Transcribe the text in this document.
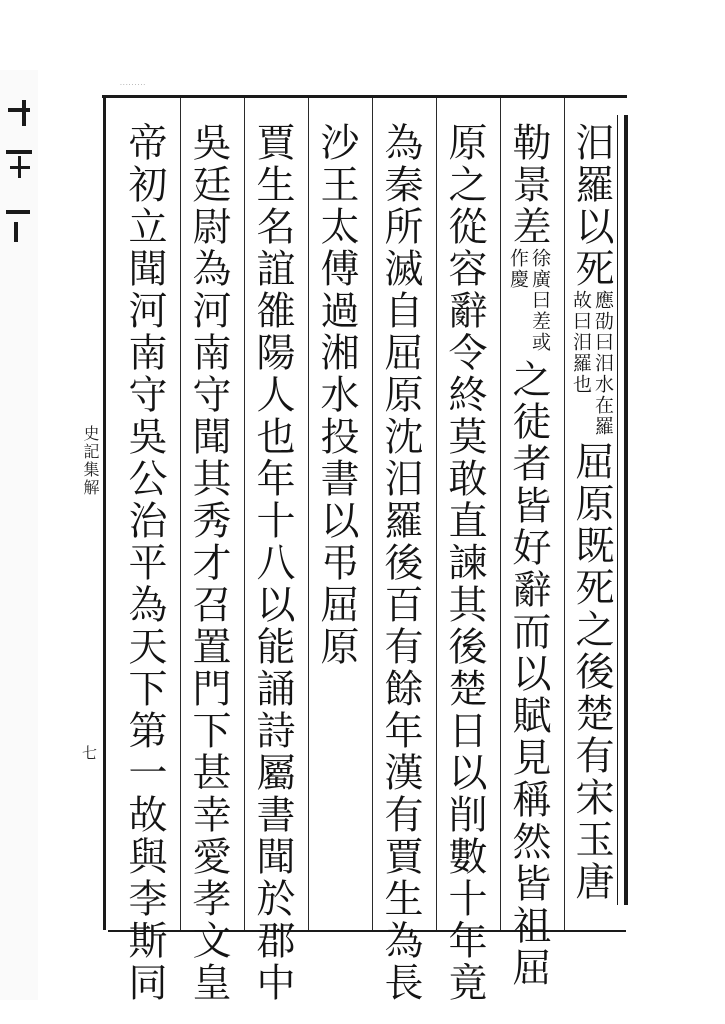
·········
史記集解
七
汨羅以死應劭曰汨水在羅故曰汨羅也屈原既死之後楚有宋玉唐
勒景差徐廣曰差或作慶之徒者皆好辭而以賦見稱然皆祖屈
原之從容辭令終莫敢直諫其後楚日以削數十年竟
為秦所滅自屈原沈汨羅後百有餘年漢有賈生為長
沙王太傅過湘水投書以弔屈原
賈生名誼雒陽人也年十八以能誦詩屬書聞於郡中
吳廷尉為河南守聞其秀才召置門下甚幸愛孝文皇
帝初立聞河南守吳公治平為天下第一故與李斯同
